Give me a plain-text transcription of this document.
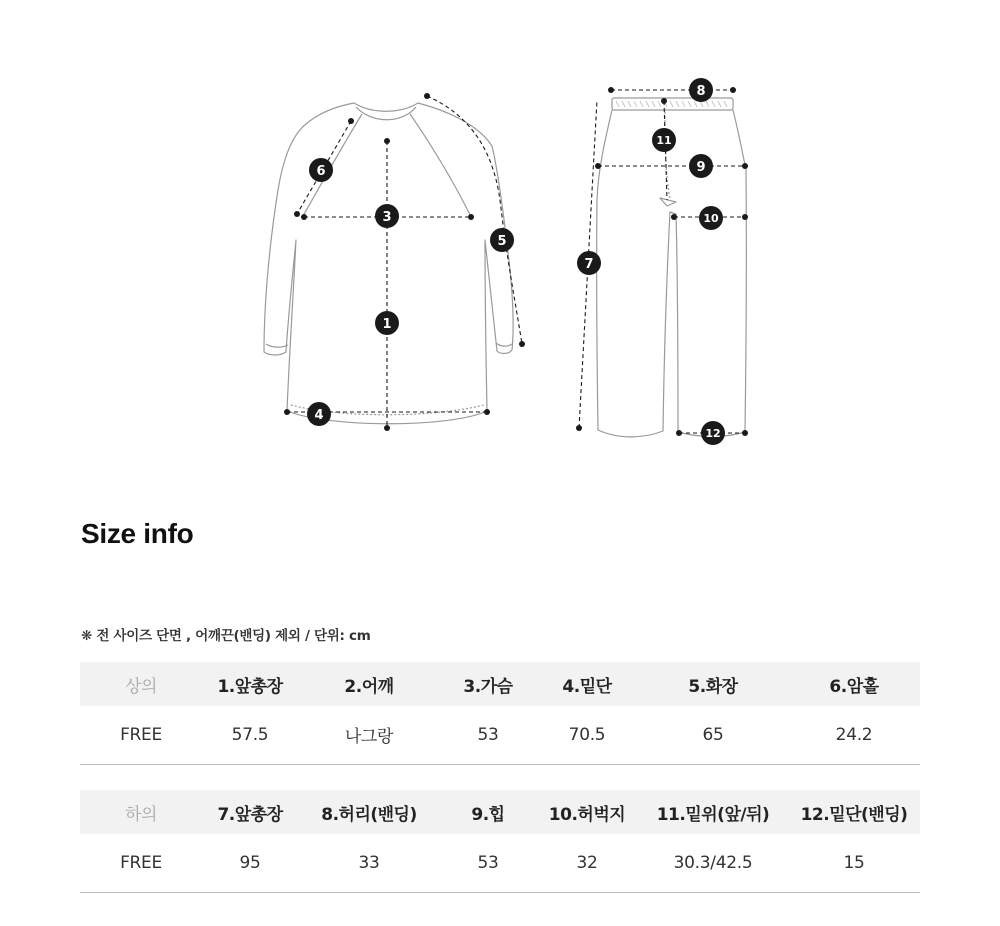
1
3
4
5
6
7
8
9
10
11
12
Size info

❋ 전 사이즈 단면 , 어깨끈(밴딩) 제외 / 단위: cm

상의	1.앞총장	2.어깨	3.가슴	4.밑단	5.화장	6.암홀
FREE	57.5	나그랑	53	70.5	65	24.2
하의	7.앞총장	8.허리(밴딩)	9.힙	10.허벅지	11.밑위(앞/뒤)	12.밑단(밴딩)
FREE	95	33	53	32	30.3/42.5	15
